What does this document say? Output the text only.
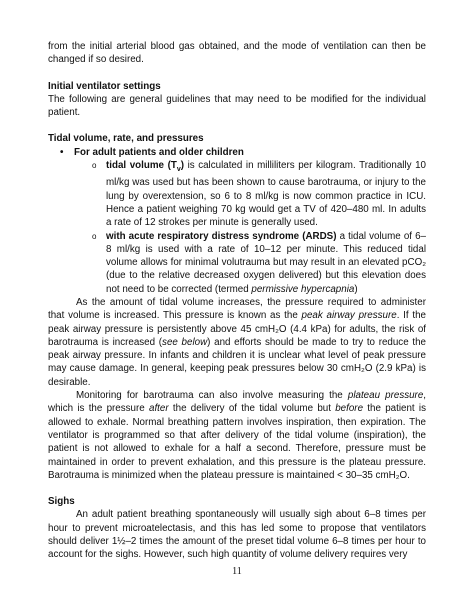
from the initial arterial blood gas obtained, and the mode of ventilation can then be changed if so desired.

Initial ventilator settings

The following are general guidelines that may need to be modified for the individual patient.

Tidal volume, rate, and pressures

• For adult patients and older children

o tidal volume $(T_v)$ is calculated in milliliters per kilogram. Traditionally 10 ml/kg was used but has been shown to cause barotrauma, or injury to the lung by overextension, so 6 to 8 ml/kg is now common practice in ICU. Hence a patient weighing 70 kg would get a TV of 420–480 ml. In adults a rate of 12 strokes per minute is generally used.

o with acute respiratory distress syndrome (ARDS) a tidal volume of 6–8 ml/kg is used with a rate of 10–12 per minute. This reduced tidal volume allows for minimal volutrauma but may result in an elevated pCO₂ (due to the relative decreased oxygen delivered) but this elevation does not need to be corrected (termed permissive hypercapnia)

As the amount of tidal volume increases, the pressure required to administer that volume is increased. This pressure is known as the peak airway pressure. If the peak airway pressure is persistently above 45 cmH₂O (4.4 kPa) for adults, the risk of barotrauma is increased (see below) and efforts should be made to try to reduce the peak airway pressure. In infants and children it is unclear what level of peak pressure may cause damage. In general, keeping peak pressures below 30 cmH₂O (2.9 kPa) is desirable.

Monitoring for barotrauma can also involve measuring the plateau pressure, which is the pressure after the delivery of the tidal volume but before the patient is allowed to exhale. Normal breathing pattern involves inspiration, then expiration. The ventilator is programmed so that after delivery of the tidal volume (inspiration), the patient is not allowed to exhale for a half a second. Therefore, pressure must be maintained in order to prevent exhalation, and this pressure is the plateau pressure. Barotrauma is minimized when the plateau pressure is maintained < 30–35 cmH₂O.

Sighs

An adult patient breathing spontaneously will usually sigh about 6–8 times per hour to prevent microatelectasis, and this has led some to propose that ventilators should deliver 1½–2 times the amount of the preset tidal volume 6–8 times per hour to account for the sighs. However, such high quantity of volume delivery requires very

11
